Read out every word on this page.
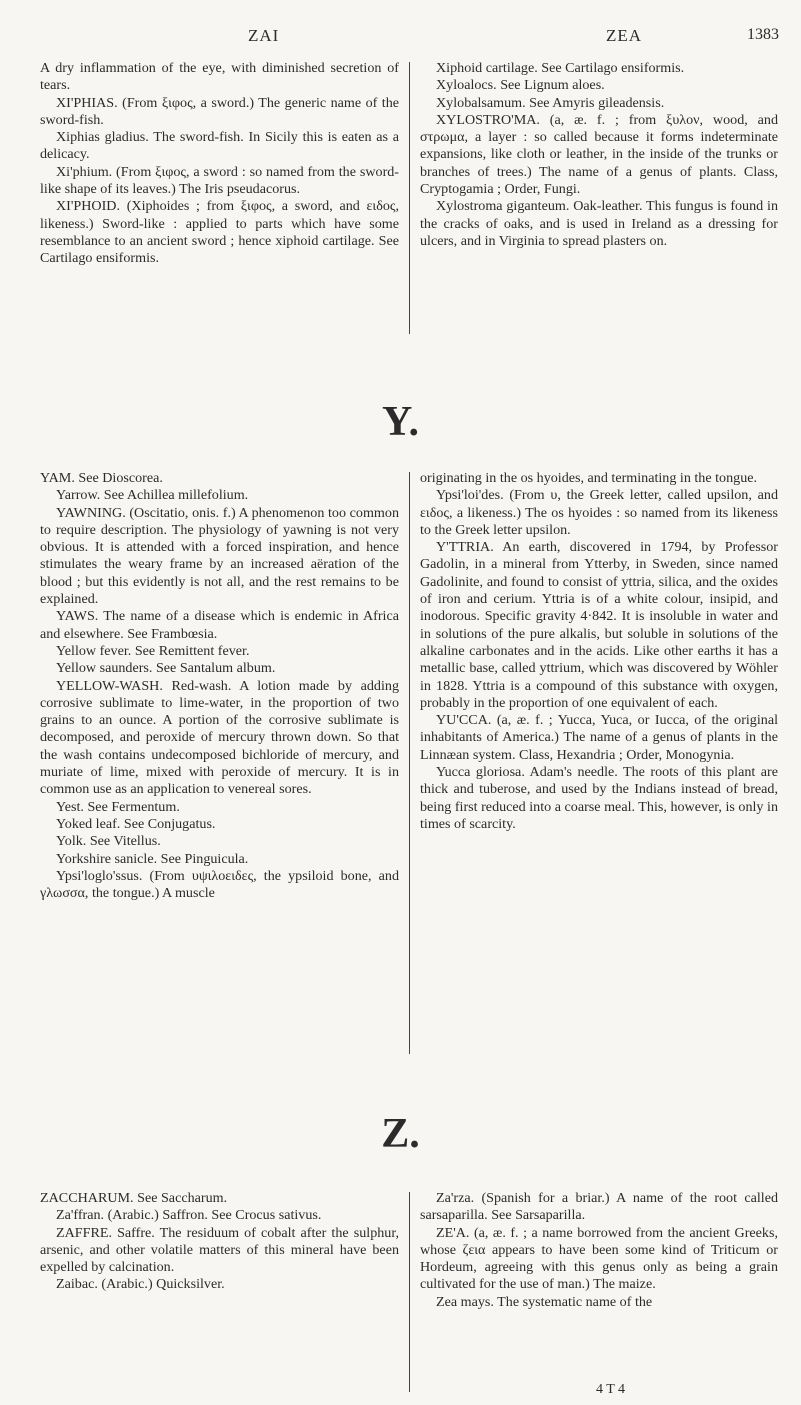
ZAI	ZEA	1383

A dry inflammation of the eye, with diminished secretion of tears.

XI'PHIAS. (From ξιφος, a sword.) The generic name of the sword-fish.

Xiphias gladius. The sword-fish. In Sicily this is eaten as a delicacy.

Xi'phium. (From ξιφος, a sword : so named from the sword-like shape of its leaves.) The Iris pseudacorus.

XI'PHOID. (Xiphoides ; from ξιφος, a sword, and ειδος, likeness.) Sword-like : applied to parts which have some resemblance to an ancient sword ; hence xiphoid cartilage. See Cartilago ensiformis.

Xiphoid cartilage. See Cartilago ensiformis.

Xyloalocs. See Lignum aloes.

Xylobalsamum. See Amyris gileadensis.

XYLOSTRO'MA. (a, æ. f. ; from ξυλον, wood, and στρωμα, a layer : so called because it forms indeterminate expansions, like cloth or leather, in the inside of the trunks or branches of trees.) The name of a genus of plants. Class, Cryptogamia ; Order, Fungi.

Xylostroma giganteum. Oak-leather. This fungus is found in the cracks of oaks, and is used in Ireland as a dressing for ulcers, and in Virginia to spread plasters on.

Y.

YAM. See Dioscorea.

Yarrow. See Achillea millefolium.

YAWNING. (Oscitatio, onis. f.) A phenomenon too common to require description. The physiology of yawning is not very obvious. It is attended with a forced inspiration, and hence stimulates the weary frame by an increased aëration of the blood ; but this evidently is not all, and the rest remains to be explained.

YAWS. The name of a disease which is endemic in Africa and elsewhere. See Frambœsia.

Yellow fever. See Remittent fever.

Yellow saunders. See Santalum album.

YELLOW-WASH. Red-wash. A lotion made by adding corrosive sublimate to lime-water, in the proportion of two grains to an ounce. A portion of the corrosive sublimate is decomposed, and peroxide of mercury thrown down. So that the wash contains undecomposed bichloride of mercury, and muriate of lime, mixed with peroxide of mercury. It is in common use as an application to venereal sores.

Yest. See Fermentum.

Yoked leaf. See Conjugatus.

Yolk. See Vitellus.

Yorkshire sanicle. See Pinguicula.

Ypsi'loglo'ssus. (From υψιλοειδες, the ypsiloid bone, and γλωσσα, the tongue.) A muscle

originating in the os hyoides, and terminating in the tongue.

Ypsi'loi'des. (From υ, the Greek letter, called upsilon, and ειδος, a likeness.) The os hyoides : so named from its likeness to the Greek letter upsilon.

Y'TTRIA. An earth, discovered in 1794, by Professor Gadolin, in a mineral from Ytterby, in Sweden, since named Gadolinite, and found to consist of yttria, silica, and the oxides of iron and cerium. Yttria is of a white colour, insipid, and inodorous. Specific gravity 4·842. It is insoluble in water and in solutions of the pure alkalis, but soluble in solutions of the alkaline carbonates and in the acids. Like other earths it has a metallic base, called yttrium, which was discovered by Wöhler in 1828. Yttria is a compound of this substance with oxygen, probably in the proportion of one equivalent of each.

YU'CCA. (a, æ. f. ; Yucca, Yuca, or Iucca, of the original inhabitants of America.) The name of a genus of plants in the Linnæan system. Class, Hexandria ; Order, Monogynia.

Yucca gloriosa. Adam's needle. The roots of this plant are thick and tuberose, and used by the Indians instead of bread, being first reduced into a coarse meal. This, however, is only in times of scarcity.

Z.

ZACCHARUM. See Saccharum.

Za'ffran. (Arabic.) Saffron. See Crocus sativus.

ZAFFRE. Saffre. The residuum of cobalt after the sulphur, arsenic, and other volatile matters of this mineral have been expelled by calcination.

Zaibac. (Arabic.) Quicksilver.

Za'rza. (Spanish for a briar.) A name of the root called sarsaparilla. See Sarsaparilla.

ZE'A. (a, æ. f. ; a name borrowed from the ancient Greeks, whose ζεια appears to have been some kind of Triticum or Hordeum, agreeing with this genus only as being a grain cultivated for the use of man.) The maize.

Zea mays. The systematic name of the

4 T 4
